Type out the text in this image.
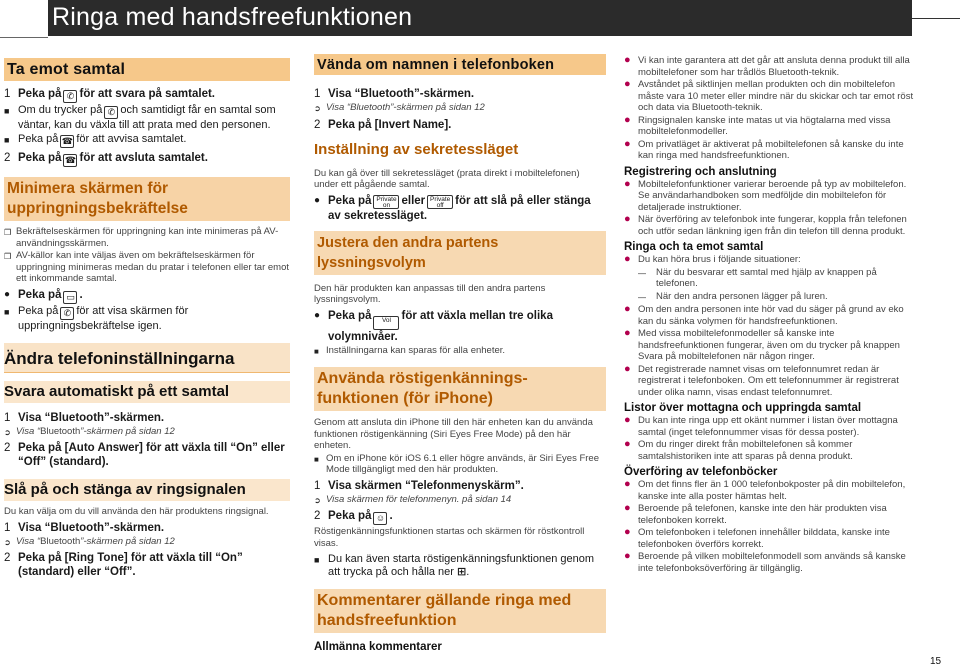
Ringa med handsfreefunktionen
Ta emot samtal
1 Peka på ✆ för att svara på samtalet.
■ Om du trycker på ✆ och samtidigt får en samtal som väntar, kan du växla till att prata med den personen.
■ Peka på ☎ för att avvisa samtalet.
2 Peka på ☎ för att avsluta samtalet.
Minimera skärmen för uppringningsbekräftelse
❒ Bekräftelseskärmen för uppringning kan inte minimeras på AV-användningsskärmen.
❒ AV-källor kan inte väljas även om bekräftelseskärmen för uppringning minimeras medan du pratar i telefonen eller tar emot ett inkommande samtal.
● Peka på ▭ .
■ Peka på ✆ för att visa skärmen för uppringningsbekräftelse igen.
Ändra telefoninställningarna
Svara automatiskt på ett samtal
1 Visa “Bluetooth”-skärmen.
➲ Visa “Bluetooth”-skärmen på sidan 12
2 Peka på [Auto Answer] för att växla till “On” eller “Off” (standard).
Slå på och stänga av ringsignalen
Du kan välja om du vill använda den här produktens ringsignal.
1 Visa “Bluetooth”-skärmen.
➲ Visa “Bluetooth”-skärmen på sidan 12
2 Peka på [Ring Tone] för att växla till “On” (standard) eller “Off”.
Vända om namnen i telefonboken
1 Visa “Bluetooth”-skärmen.
➲ Visa “Bluetooth”-skärmen på sidan 12
2 Peka på [Invert Name].
Inställning av sekretessläget
Du kan gå över till sekretessläget (prata direkt i mobiltelefonen) under ett pågående samtal.
● Peka på Private on eller Private off för att slå på eller stänga av sekretessläget.
Justera den andra partens lyssningsvolym
Den här produkten kan anpassas till den andra partens lyssningsvolym.
● Peka på Vol för att växla mellan tre olika volymnivåer.
■ Inställningarna kan sparas för alla enheter.
Använda röstigenkännings-funktionen (för iPhone)
Genom att ansluta din iPhone till den här enheten kan du använda funktionen röstigenkänning (Siri Eyes Free Mode) på den här enheten.
■ Om en iPhone kör iOS 6.1 eller högre används, är Siri Eyes Free Mode tillgängligt med den här produkten.
1 Visa skärmen “Telefonmenyskärm”.
➲ Visa skärmen för telefonmenyn. på sidan 14
2 Peka på ☺ .
Röstigenkänningsfunktionen startas och skärmen för röstkontroll visas.
■ Du kan även starta röstigenkänningsfunktionen genom att trycka på och hålla ner ⊞.
Kommentarer gällande ringa med handsfreefunktion
Allmänna kommentarer
● Vi kan inte garantera att det går att ansluta denna produkt till alla mobiltelefoner som har trådlös Bluetooth-teknik.
● Avståndet på siktlinjen mellan produkten och din mobiltelefon måste vara 10 meter eller mindre när du skickar och tar emot röst och data via Bluetooth-teknik.
● Ringsignalen kanske inte matas ut via högtalarna med vissa mobiltelefonmodeller.
● Om privatläget är aktiverat på mobiltelefonen så kanske du inte kan ringa med handsfreefunktionen.
Registrering och anslutning
● Mobiltelefonfunktioner varierar beroende på typ av mobiltelefon. Se användarhandboken som medföljde din mobiltelefon för detaljerade instruktioner.
● När överföring av telefonbok inte fungerar, koppla från telefonen och utför sedan länkning igen från din telefon till denna produkt.
Ringa och ta emot samtal
● Du kan höra brus i följande situationer:
—	När du besvarar ett samtal med hjälp av knappen på telefonen.
—	När den andra personen lägger på luren.
● Om den andra personen inte hör vad du säger på grund av eko kan du sänka volymen för handsfreefunktionen.
● Med vissa mobiltelefonmodeller så kanske inte handsfreefunktionen fungerar, även om du trycker på knappen Svara på mobiltelefonen när någon ringer.
● Det registrerade namnet visas om telefonnumret redan är registrerat i telefonboken. Om ett telefonnummer är registrerat under olika namn, visas endast telefonnumret.
Listor över mottagna och uppringda samtal
● Du kan inte ringa upp ett okänt nummer i listan över mottagna samtal (inget telefonnummer visas för dessa poster).
● Om du ringer direkt från mobiltelefonen så kommer samtalshistoriken inte att sparas på denna produkt.
Överföring av telefonböcker
● Om det finns fler än 1 000 telefonbokposter på din mobiltelefon, kanske inte alla poster hämtas helt.
● Beroende på telefonen, kanske inte den här produkten visa telefonboken korrekt.
● Om telefonboken i telefonen innehåller bilddata, kanske inte telefonboken överförs korrekt.
● Beroende på vilken mobiltelefonmodell som används så kanske inte telefonboksöverföring är tillgänglig.
15
